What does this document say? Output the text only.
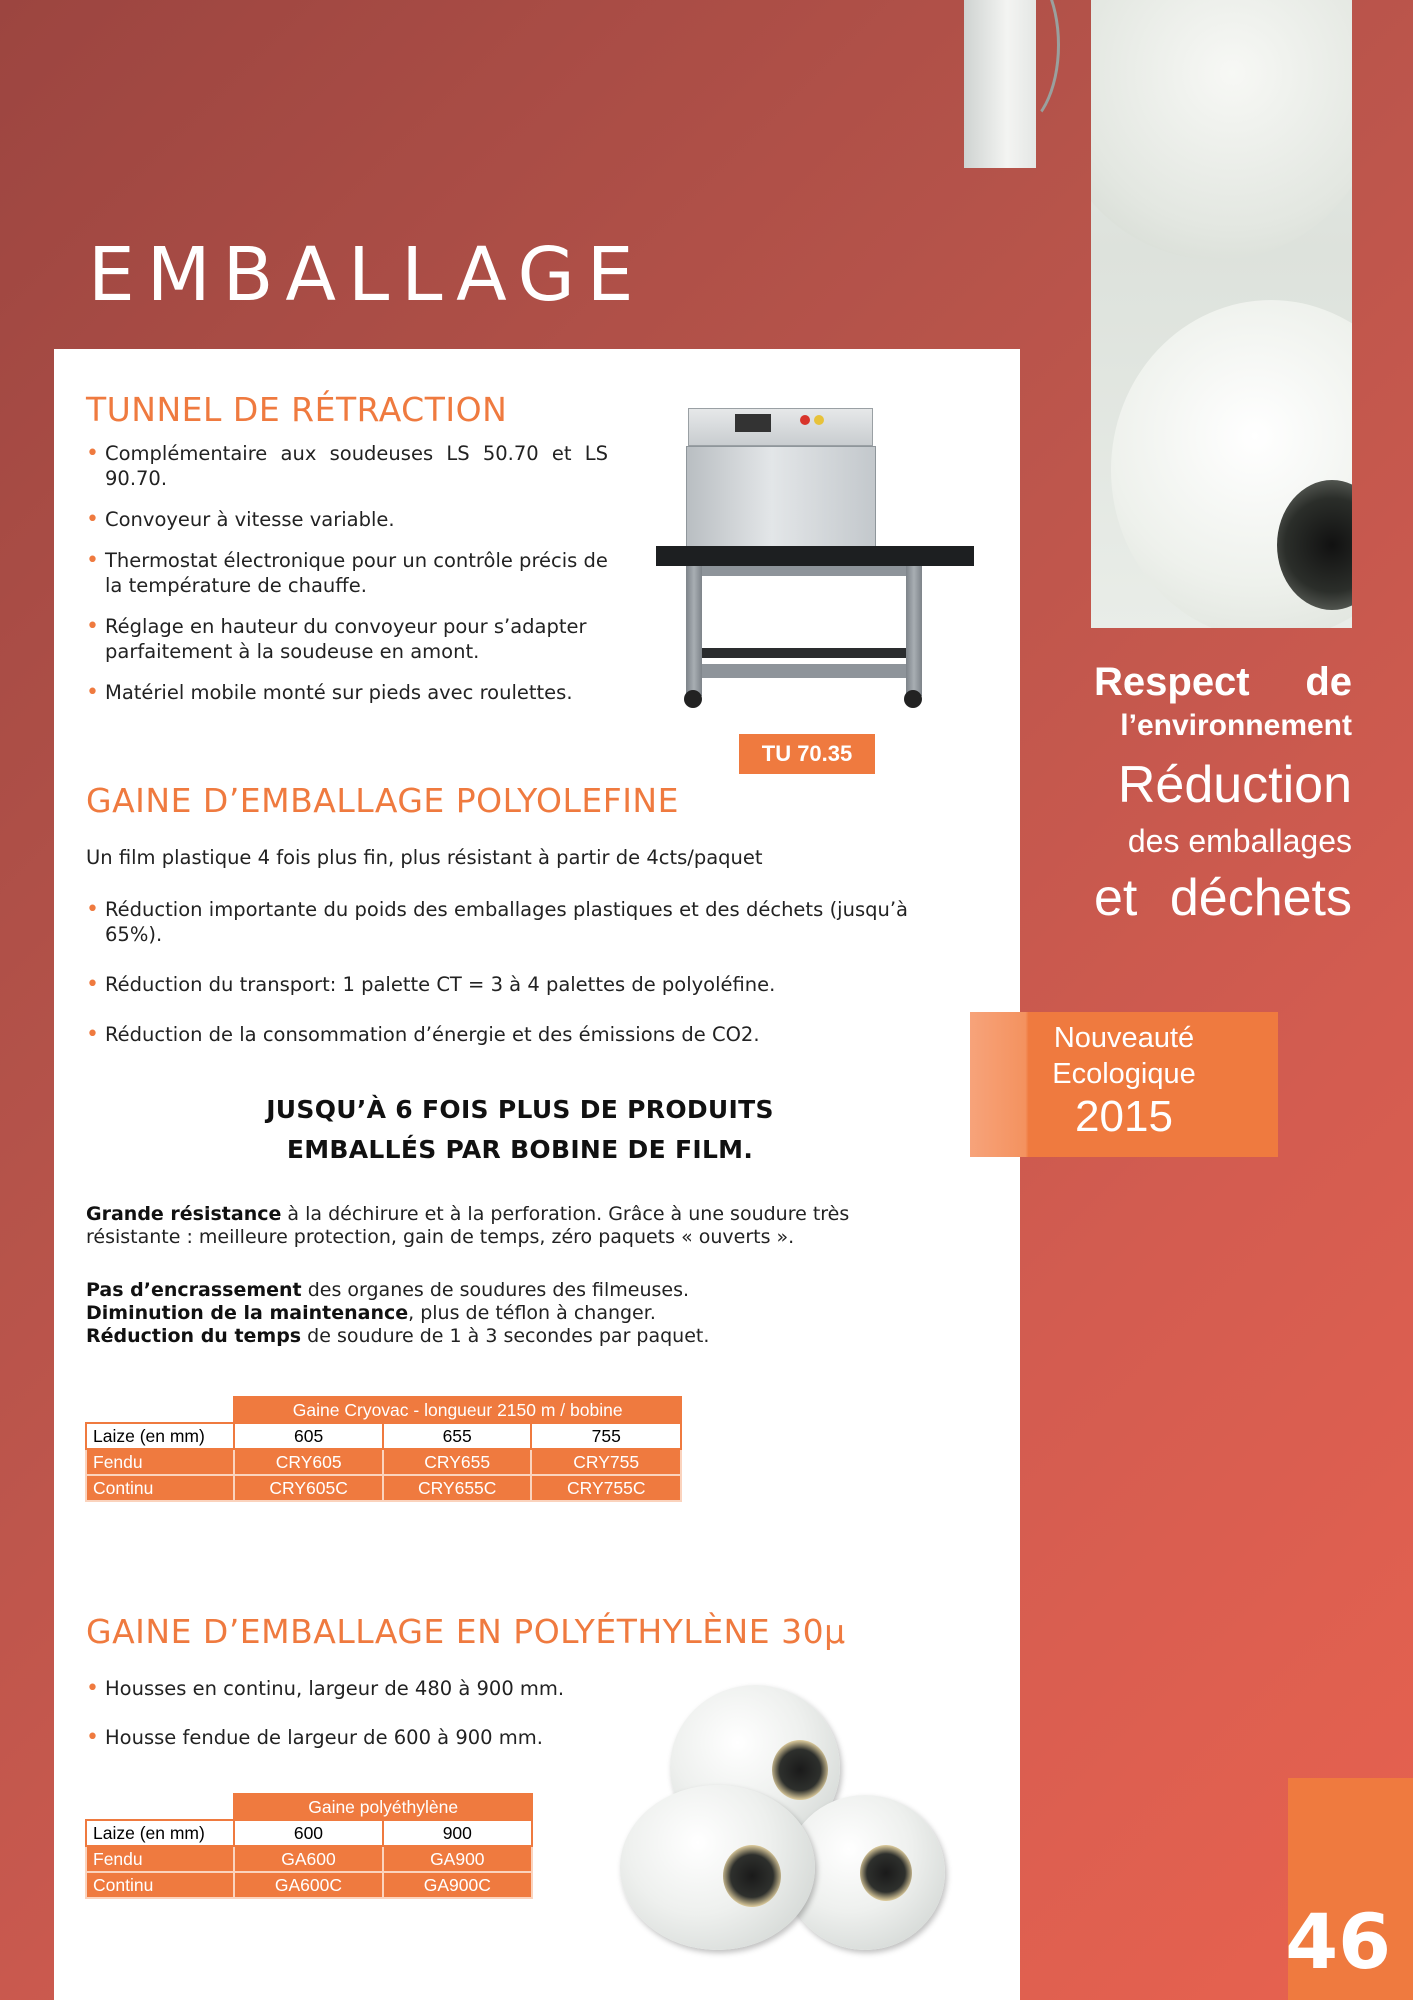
EMBALLAGE
TUNNEL DE RÉTRACTION
• Complémentaire aux soudeuses LS 50.70 et LS 90.70.
• Convoyeur à vitesse variable.
• Thermostat électronique pour un contrôle précis de la température de chauffe.
• Réglage en hauteur du convoyeur pour s’adapter parfaitement à la soudeuse en amont.
• Matériel mobile monté sur pieds avec roulettes.
TU 70.35
GAINE D’EMBALLAGE POLYOLEFINE
Un film plastique 4 fois plus fin, plus résistant à partir de 4cts/paquet
• Réduction importante du poids des emballages plastiques et des déchets (jusqu’à 65%).
• Réduction du transport: 1 palette CT = 3 à 4 palettes de polyoléfine.
• Réduction de la consommation d’énergie et des émissions de CO2.
JUSQU’À 6 FOIS PLUS DE PRODUITS
EMBALLÉS PAR BOBINE DE FILM.

Grande résistance à la déchirure et à la perforation. Grâce à une soudure très résistante : meilleure protection, gain de temps, zéro paquets « ouverts ».

Pas d’encrassement des organes de soudures des filmeuses.
Diminution de la maintenance, plus de téflon à changer.
Réduction du temps de soudure de 1 à 3 secondes par paquet.
	Gaine Cryovac - longueur 2150 m / bobine		
Laize (en mm)	605	655	755
Fendu	CRY605	CRY655	CRY755
Continu	CRY605C	CRY655C	CRY755C
GAINE D’EMBALLAGE EN POLYÉTHYLÈNE 30µ
• Housses en continu, largeur de 480 à 900 mm.
• Housse fendue de largeur de 600 à 900 mm.
	Gaine polyéthylène	
Laize (en mm)	600	900
Fendu	GA600	GA900
Continu	GA600C	GA900C
Respect de
l’environnement
Réduction
des emballages
et déchets
Nouveauté
Ecologique
2015
46
